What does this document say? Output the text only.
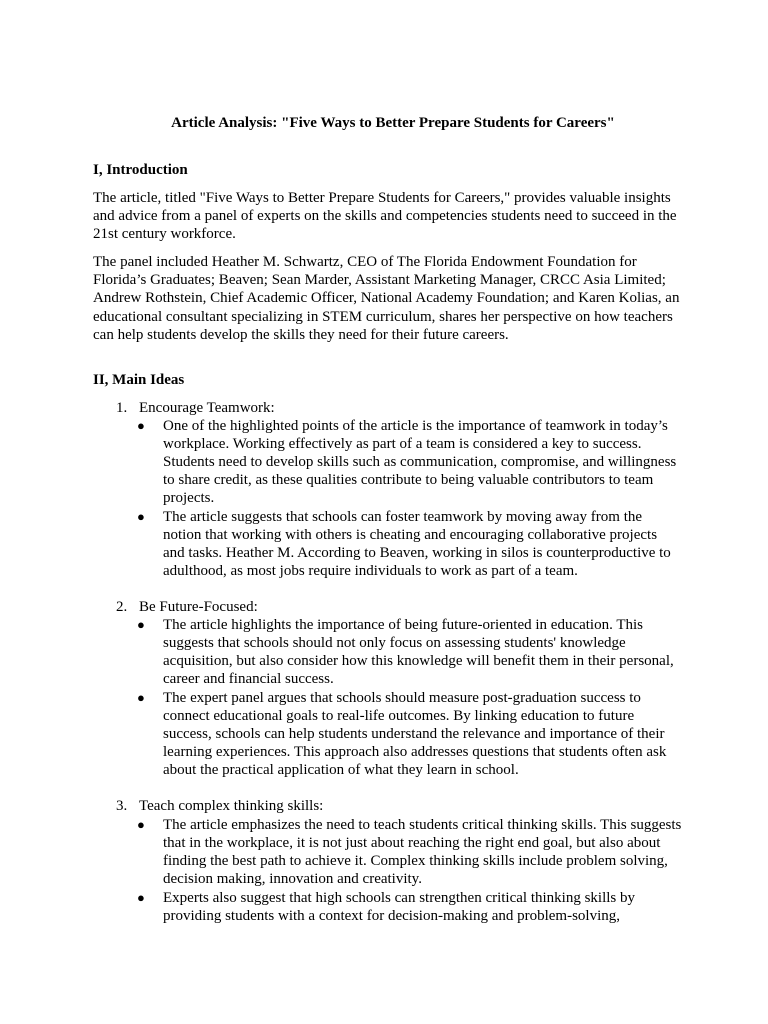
Article Analysis: "Five Ways to Better Prepare Students for Careers"
I, Introduction
The article, titled "Five Ways to Better Prepare Students for Careers," provides valuable insights and advice from a panel of experts on the skills and competencies students need to succeed in the 21st century workforce.
The panel included Heather M. Schwartz, CEO of The Florida Endowment Foundation for Florida’s Graduates; Beaven; Sean Marder, Assistant Marketing Manager, CRCC Asia Limited; Andrew Rothstein, Chief Academic Officer, National Academy Foundation; and Karen Kolias, an educational consultant specializing in STEM curriculum, shares her perspective on how teachers can help students develop the skills they need for their future careers.
II, Main Ideas
1. Encourage Teamwork:
● One of the highlighted points of the article is the importance of teamwork in today’s workplace. Working effectively as part of a team is considered a key to success. Students need to develop skills such as communication, compromise, and willingness to share credit, as these qualities contribute to being valuable contributors to team projects.
● The article suggests that schools can foster teamwork by moving away from the notion that working with others is cheating and encouraging collaborative projects and tasks. Heather M. According to Beaven, working in silos is counterproductive to adulthood, as most jobs require individuals to work as part of a team.
2. Be Future-Focused:
● The article highlights the importance of being future-oriented in education. This suggests that schools should not only focus on assessing students' knowledge acquisition, but also consider how this knowledge will benefit them in their personal, career and financial success.
● The expert panel argues that schools should measure post-graduation success to connect educational goals to real-life outcomes. By linking education to future success, schools can help students understand the relevance and importance of their learning experiences. This approach also addresses questions that students often ask about the practical application of what they learn in school.
3. Teach complex thinking skills:
● The article emphasizes the need to teach students critical thinking skills. This suggests that in the workplace, it is not just about reaching the right end goal, but also about finding the best path to achieve it. Complex thinking skills include problem solving, decision making, innovation and creativity.
● Experts also suggest that high schools can strengthen critical thinking skills by providing students with a context for decision-making and problem-solving,
